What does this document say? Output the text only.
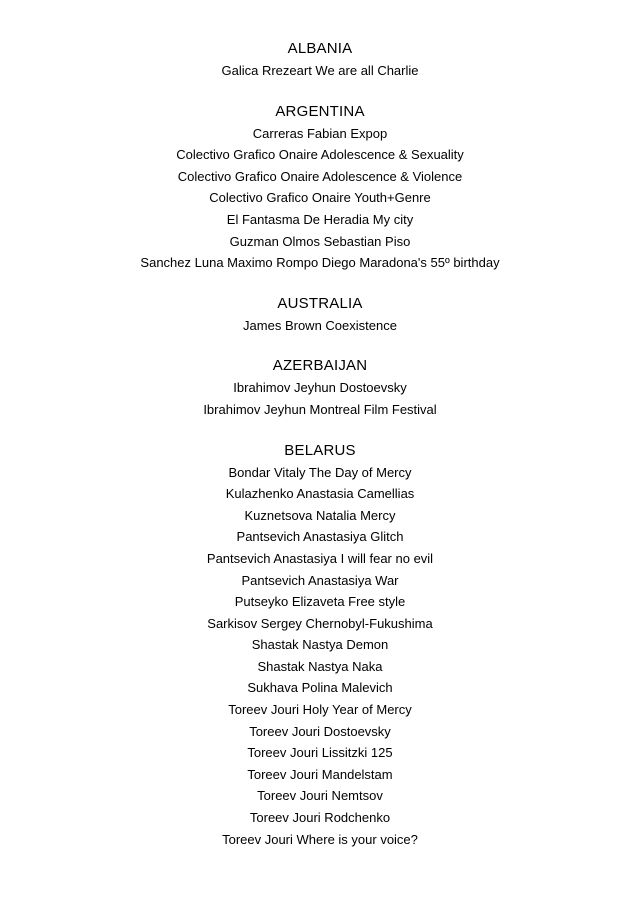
ALBANIA

Galica Rrezeart We are all Charlie

ARGENTINA

Carreras Fabian Expop

Colectivo Grafico Onaire Adolescence & Sexuality

Colectivo Grafico Onaire Adolescence & Violence

Colectivo Grafico Onaire Youth+Genre

El Fantasma De Heradia My city

Guzman Olmos Sebastian Piso

Sanchez Luna Maximo Rompo Diego Maradona's 55º birthday

AUSTRALIA

James Brown Coexistence

AZERBAIJAN

Ibrahimov Jeyhun Dostoevsky

Ibrahimov Jeyhun Montreal Film Festival

BELARUS

Bondar Vitaly The Day of Mercy

Kulazhenko Anastasia Camellias

Kuznetsova Natalia Mercy

Pantsevich Anastasiya Glitch

Pantsevich Anastasiya I will fear no evil

Pantsevich Anastasiya War

Putseyko Elizaveta Free style

Sarkisov Sergey Chernobyl-Fukushima

Shastak Nastya Demon

Shastak Nastya Naka

Sukhava Polina Malevich

Toreev Jouri Holy Year of Mercy

Toreev Jouri Dostoevsky

Toreev Jouri Lissitzki 125

Toreev Jouri Mandelstam

Toreev Jouri Nemtsov

Toreev Jouri Rodchenko

Toreev Jouri Where is your voice?
